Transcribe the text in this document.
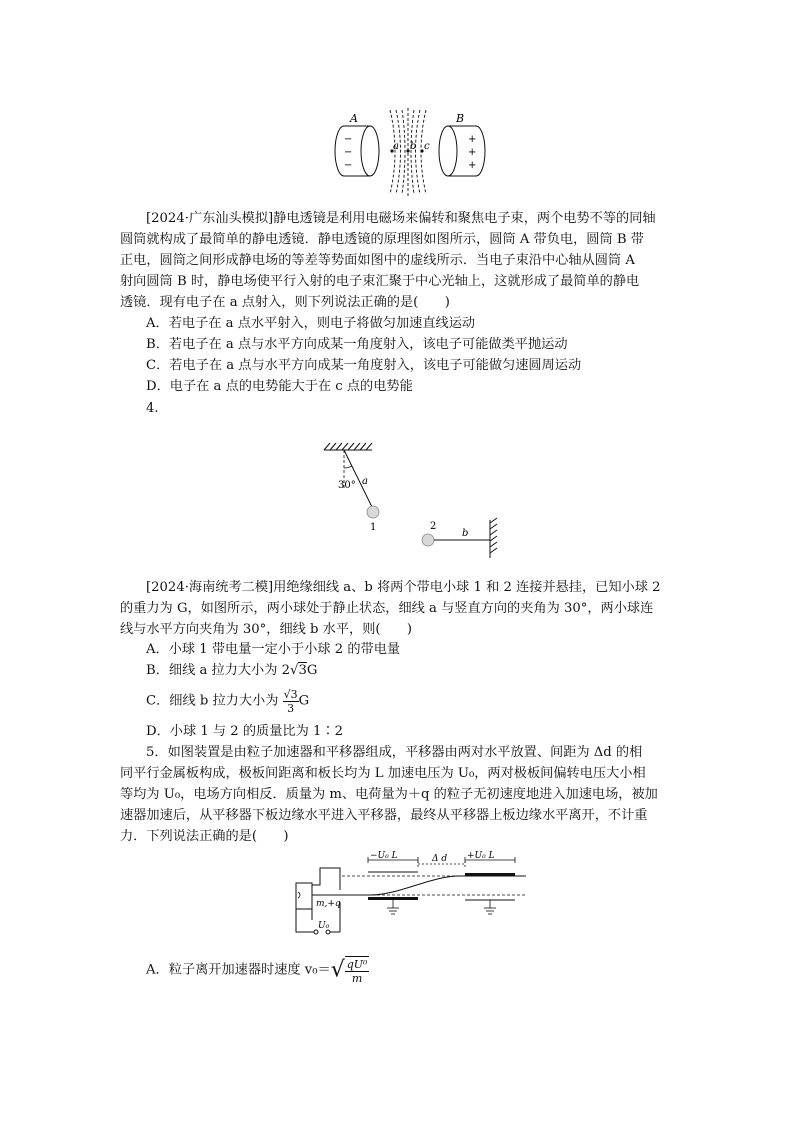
A	B
−
−
−
+
+
+
a b c
[2024·广东汕头模拟]静电透镜是利用电磁场来偏转和聚焦电子束，两个电势不等的同轴
圆筒就构成了最简单的静电透镜．静电透镜的原理图如图所示，圆筒 A 带负电，圆筒 B 带
正电，圆筒之间形成静电场的等差等势面如图中的虚线所示．当电子束沿中心轴从圆筒 A
射向圆筒 B 时，静电场使平行入射的电子束汇聚于中心光轴上，这就形成了最简单的静电
透镜．现有电子在 a 点射入，则下列说法正确的是(　　)
A．若电子在 a 点水平射入，则电子将做匀加速直线运动
B．若电子在 a 点与水平方向成某一角度射入，该电子可能做类平抛运动
C．若电子在 a 点与水平方向成某一角度射入，该电子可能做匀速圆周运动
D．电子在 a 点的电势能大于在 c 点的电势能
4.
30° a
1	2
b
[2024·海南统考二模]用绝缘细线 a、b 将两个带电小球 1 和 2 连接并悬挂，已知小球 2
的重力为 G，如图所示，两小球处于静止状态，细线 a 与竖直方向的夹角为 30°，两小球连
线与水平方向夹角为 30°，细线 b 水平，则(　　)
A．小球 1 带电量一定小于小球 2 的带电量
B．细线 a 拉力大小为 2√3G
C．细线 b 拉力大小为 $\frac{√3}{3}$ G
D．小球 1 与 2 的质量比为 1∶2
5．如图装置是由粒子加速器和平移器组成，平移器由两对水平放置、间距为 Δd 的相
同平行金属板构成，极板间距离和板长均为 L 加速电压为 U₀，两对极板间偏转电压大小相
等均为 U₀，电场方向相反．质量为 m、电荷量为＋q 的粒子无初速度地进入加速电场，被加
速器加速后，从平移器下板边缘水平进入平移器，最终从平移器上板边缘水平离开，不计重
力．下列说法正确的是(　　)
−U₀ L	Δ d +U₀ L
m,+q
U₀
A．粒子离开加速器时速度 $v_0=√ \frac{\text{qU⁰}}{m}$
